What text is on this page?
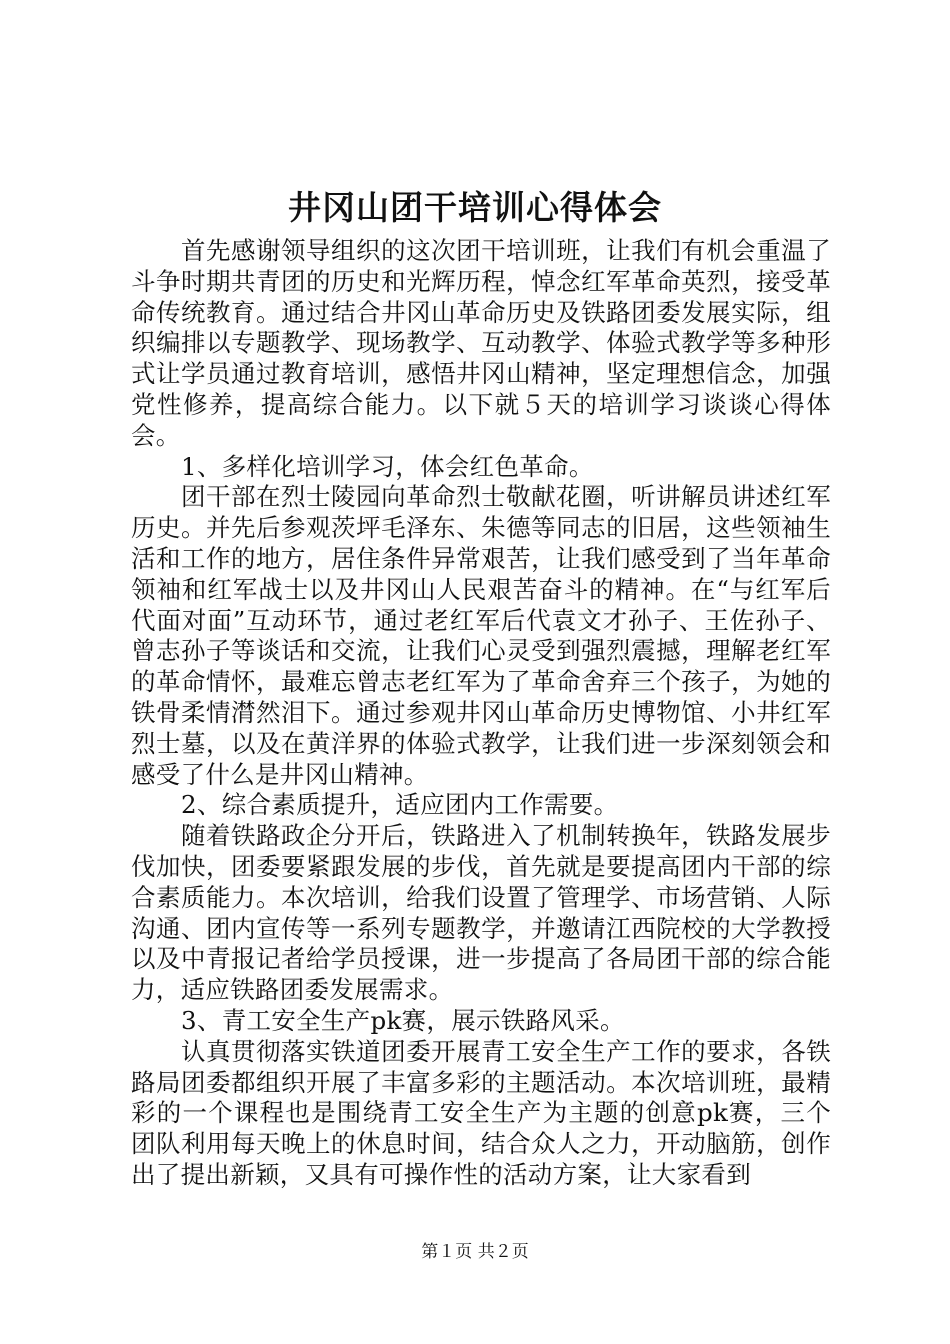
井冈山团干培训心得体会

首先感谢领导组织的这次团干培训班，让我们有机会重温了斗争时期共青团的历史和光辉历程，悼念红军革命英烈，接受革命传统教育。通过结合井冈山革命历史及铁路团委发展实际，组织编排以专题教学、现场教学、互动教学、体验式教学等多种形式让学员通过教育培训，感悟井冈山精神，坚定理想信念，加强党性修养，提高综合能力。以下就５天的培训学习谈谈心得体会。

1、多样化培训学习，体会红色革命。

团干部在烈士陵园向革命烈士敬献花圈，听讲解员讲述红军历史。并先后参观茨坪毛泽东、朱德等同志的旧居，这些领袖生活和工作的地方，居住条件异常艰苦，让我们感受到了当年革命领袖和红军战士以及井冈山人民艰苦奋斗的精神。在“与红军后代面对面”互动环节，通过老红军后代袁文才孙子、王佐孙子、曾志孙子等谈话和交流，让我们心灵受到强烈震撼，理解老红军的革命情怀，最难忘曾志老红军为了革命舍弃三个孩子，为她的铁骨柔情潸然泪下。通过参观井冈山革命历史博物馆、小井红军烈士墓，以及在黄洋界的体验式教学，让我们进一步深刻领会和感受了什么是井冈山精神。

2、综合素质提升，适应团内工作需要。

随着铁路政企分开后，铁路进入了机制转换年，铁路发展步伐加快，团委要紧跟发展的步伐，首先就是要提高团内干部的综合素质能力。本次培训，给我们设置了管理学、市场营销、人际沟通、团内宣传等一系列专题教学，并邀请江西院校的大学教授以及中青报记者给学员授课，进一步提高了各局团干部的综合能力，适应铁路团委发展需求。

3、青工安全生产pk赛，展示铁路风采。

认真贯彻落实铁道团委开展青工安全生产工作的要求，各铁路局团委都组织开展了丰富多彩的主题活动。本次培训班，最精彩的一个课程也是围绕青工安全生产为主题的创意pk赛，三个团队利用每天晚上的休息时间，结合众人之力，开动脑筋，创作出了提出新颖，又具有可操作性的活动方案，让大家看到

第１页 共２页
